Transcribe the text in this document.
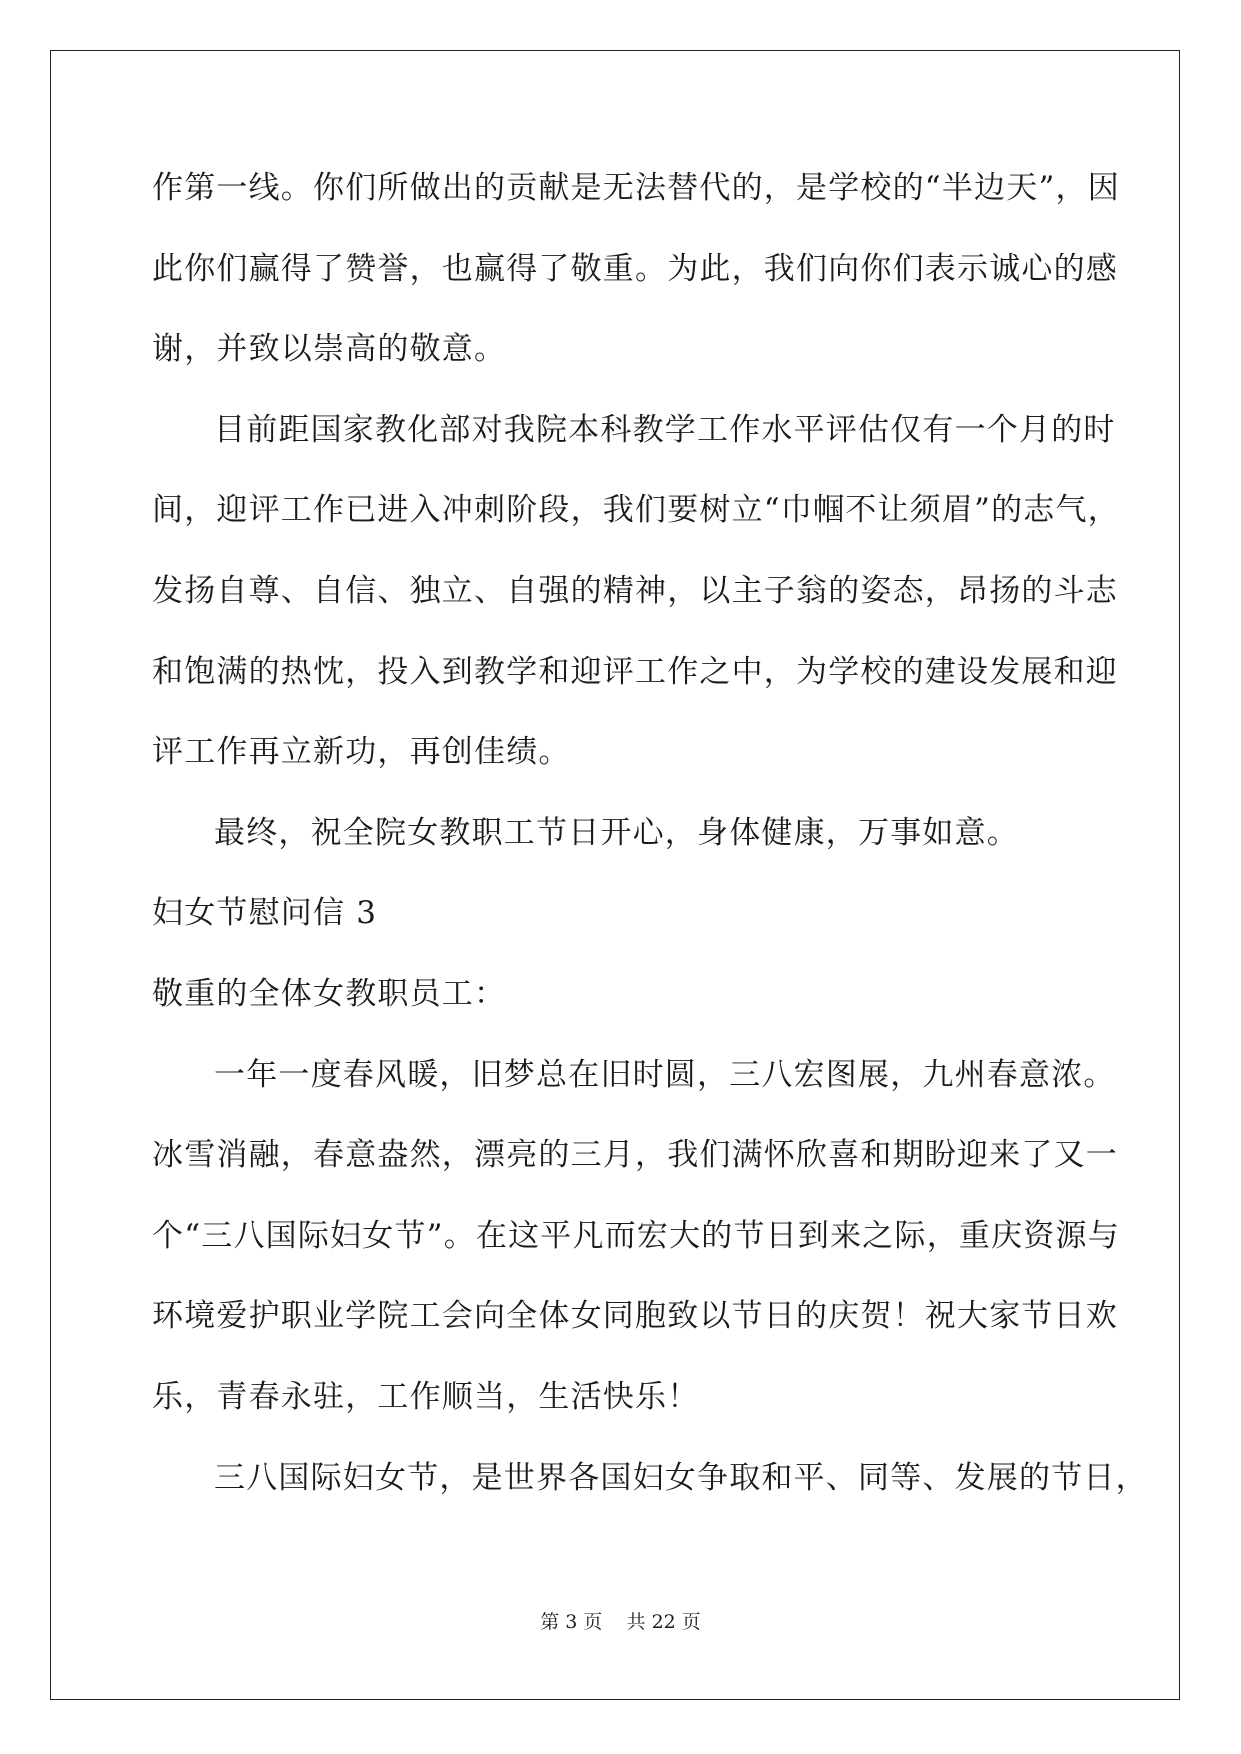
作第一线。你们所做出的贡献是无法替代的，是学校的“半边天”，因
此你们赢得了赞誉，也赢得了敬重。为此，我们向你们表示诚心的感
谢，并致以崇高的敬意。
目前距国家教化部对我院本科教学工作水平评估仅有一个月的时
间，迎评工作已进入冲刺阶段，我们要树立“巾帼不让须眉”的志气，
发扬自尊、自信、独立、自强的精神，以主子翁的姿态，昂扬的斗志
和饱满的热忱，投入到教学和迎评工作之中，为学校的建设发展和迎
评工作再立新功，再创佳绩。
最终，祝全院女教职工节日开心，身体健康，万事如意。
妇女节慰问信 3
敬重的全体女教职员工：
一年一度春风暖，旧梦总在旧时圆，三八宏图展，九州春意浓。
冰雪消融，春意盎然，漂亮的三月，我们满怀欣喜和期盼迎来了又一
个“三八国际妇女节”。在这平凡而宏大的节日到来之际，重庆资源与
环境爱护职业学院工会向全体女同胞致以节日的庆贺！祝大家节日欢
乐，青春永驻，工作顺当，生活快乐！
三八国际妇女节，是世界各国妇女争取和平、同等、发展的节日，
第 3 页    共 22 页
